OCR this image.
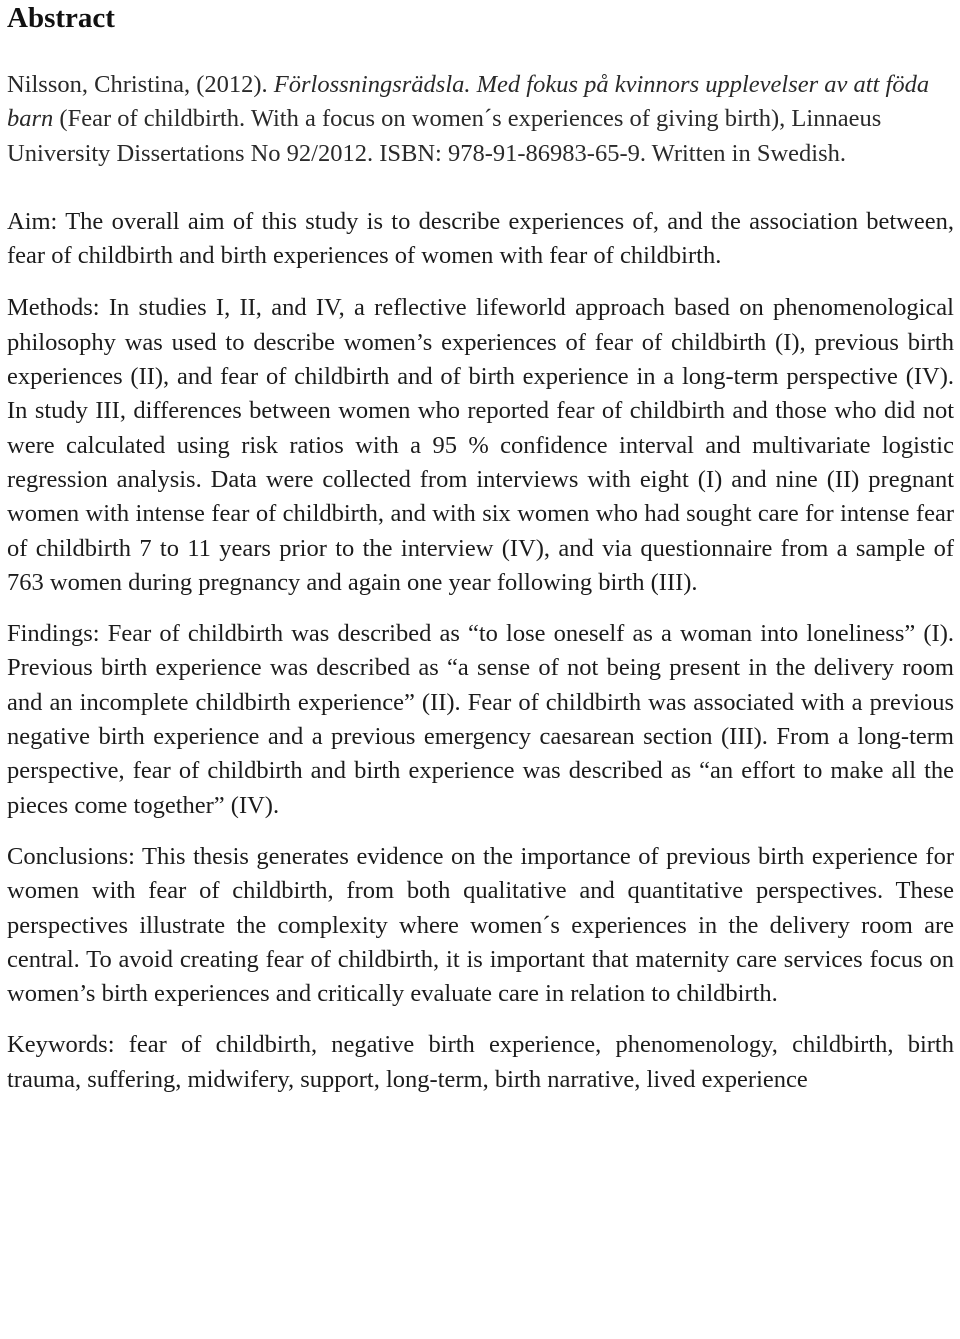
Abstract

Nilsson, Christina, (2012). Förlossningsrädsla. Med fokus på kvinnors upplevelser av att föda barn (Fear of childbirth. With a focus on women´s experiences of giving birth), Linnaeus University Dissertations No 92/2012. ISBN: 978-91-86983-65-9. Written in Swedish.

Aim: The overall aim of this study is to describe experiences of, and the association between, fear of childbirth and birth experiences of women with fear of childbirth.

Methods: In studies I, II, and IV, a reflective lifeworld approach based on phenomenological philosophy was used to describe women’s experiences of fear of childbirth (I), previous birth experiences (II), and fear of childbirth and of birth experience in a long-term perspective (IV). In study III, differences between women who reported fear of childbirth and those who did not were calculated using risk ratios with a 95 % confidence interval and multivariate logistic regression analysis. Data were collected from interviews with eight (I) and nine (II) pregnant women with intense fear of childbirth, and with six women who had sought care for intense fear of childbirth 7 to 11 years prior to the interview (IV), and via questionnaire from a sample of 763 women during pregnancy and again one year following birth (III).

Findings: Fear of childbirth was described as “to lose oneself as a woman into loneliness” (I). Previous birth experience was described as “a sense of not being present in the delivery room and an incomplete childbirth experience” (II). Fear of childbirth was associated with a previous negative birth experience and a previous emergency caesarean section (III). From a long-term perspective, fear of childbirth and birth experience was described as “an effort to make all the pieces come together” (IV).

Conclusions: This thesis generates evidence on the importance of previous birth experience for women with fear of childbirth, from both qualitative and quantitative perspectives. These perspectives illustrate the complexity where women´s experiences in the delivery room are central. To avoid creating fear of childbirth, it is important that maternity care services focus on women’s birth experiences and critically evaluate care in relation to childbirth.

Keywords: fear of childbirth, negative birth experience, phenomenology, childbirth, birth trauma, suffering, midwifery, support, long-term, birth narrative, lived experience
